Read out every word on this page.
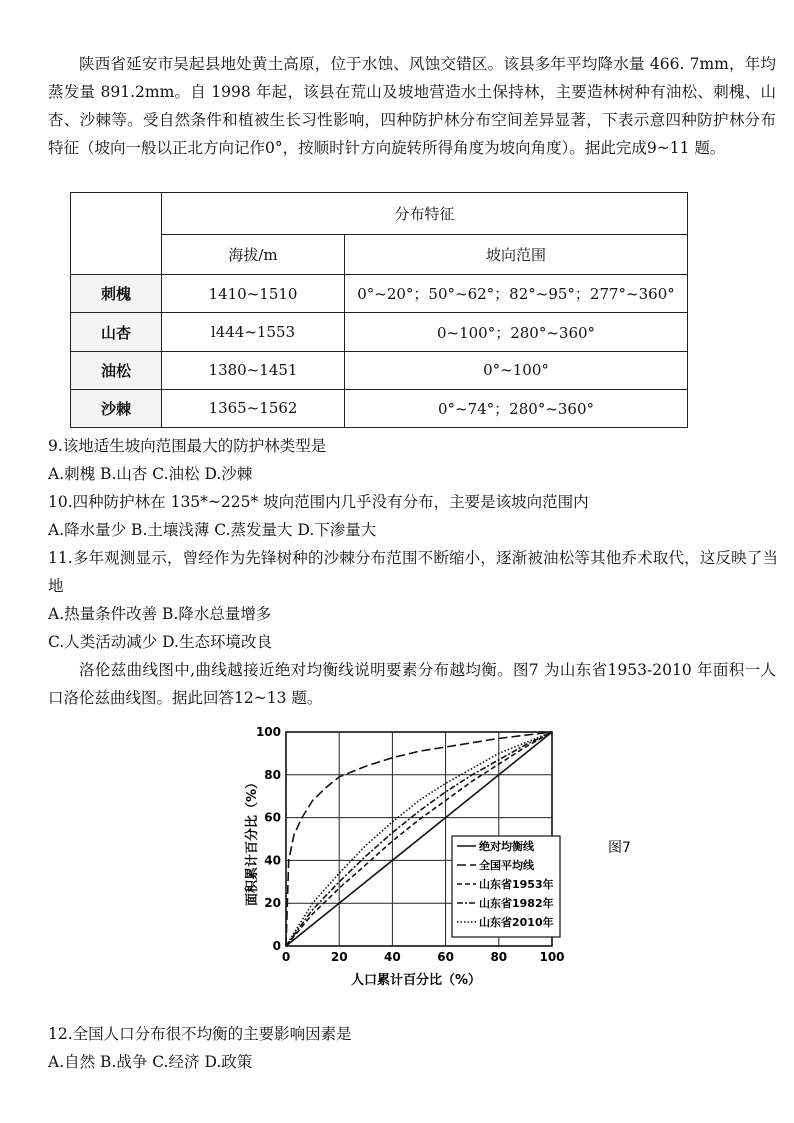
陕西省延安市吴起县地处黄土高原，位于水蚀、风蚀交错区。该县多年平均降水量 466. 7mm，年均蒸发量 891.2mm。自 1998 年起，该县在荒山及坡地营造水土保持林，主要造林树种有油松、刺槐、山杏、沙棘等。受自然条件和植被生长习性影响，四种防护林分布空间差异显著，下表示意四种防护林分布特征（坡向一般以正北方向记作0°，按顺时针方向旋转所得角度为坡向角度）。据此完成9~11 题。

	分布特征	
	海拔/m	坡向范围
刺槐	1410~1510	0°~20°；50°~62°；82°~95°；277°~360°
山杏	l444~1553	0~100°；280°~360°
油松	1380~1451	0°~100°
沙棘	1365~1562	0°~74°；280°~360°

9.该地适生坡向范围最大的防护林类型是

A.刺槐 B.山杏 C.油松 D.沙棘

10.四种防护林在 135*~225* 坡向范围内几乎没有分布，主要是该坡向范围内

A.降水量少 B.土壤浅薄 C.蒸发量大 D.下渗量大

11.多年观测显示，曾经作为先锋树种的沙棘分布范围不断缩小，逐渐被油松等其他乔术取代，这反映了当地

A.热量条件改善 B.降水总量增多

C.人类活动减少 D.生态环境改良

洛伦兹曲线图中,曲线越接近绝对均衡线说明要素分布越均衡。图7 为山东省1953-2010 年面积一人口洛伦兹曲线图。据此回答12~13 题。

0	20	40	60	80	100
0
20
40
60
80
100
绝对均衡线
全国平均线
山东省1953年
山东省1982年
山东省2010年
面积累计百分比（%）
人口累计百分比（%）
图7

12.全国人口分布很不均衡的主要影响因素是

A.自然 B.战争 C.经济 D.政策
